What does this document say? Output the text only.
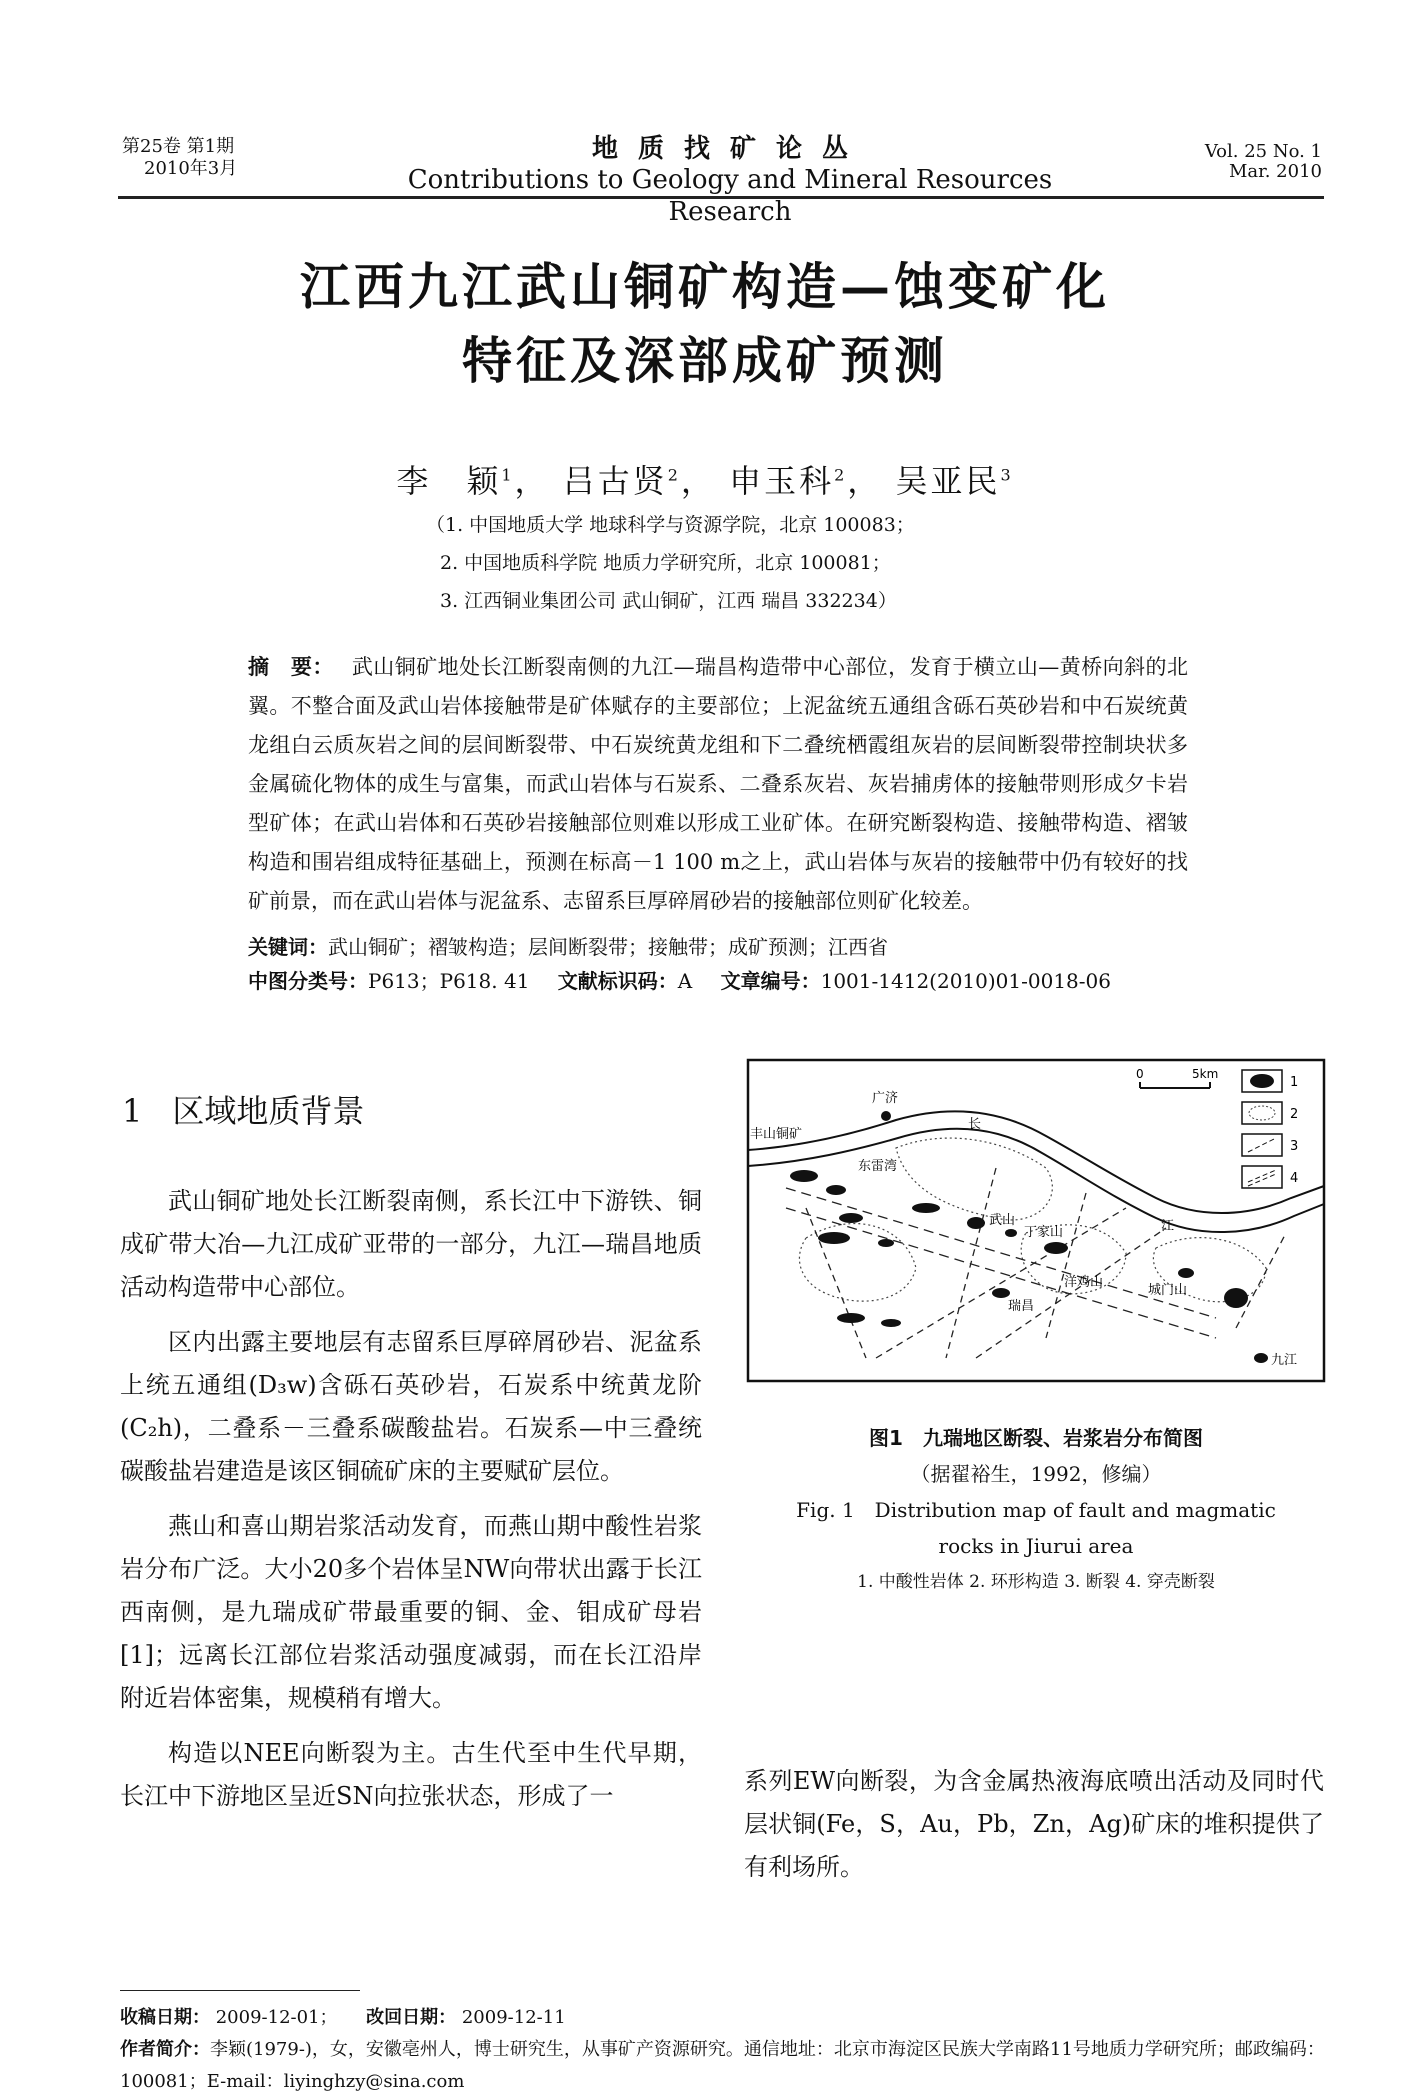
第25卷 第1期
2010年3月
地质找矿论丛
Contributions to Geology and Mineral Resources Research
Vol. 25 No. 1
Mar. 2010
江西九江武山铜矿构造—蚀变矿化
特征及深部成矿预测
李　颖$^1$， 吕古贤$^2$， 申玉科$^2$， 吴亚民$^3$
（1. 中国地质大学 地球科学与资源学院，北京 100083；
2. 中国地质科学院 地质力学研究所，北京 100081；
3. 江西铜业集团公司 武山铜矿，江西 瑞昌 332234）
摘　要： 武山铜矿地处长江断裂南侧的九江—瑞昌构造带中心部位，发育于横立山—黄桥向斜的北翼。不整合面及武山岩体接触带是矿体赋存的主要部位；上泥盆统五通组含砾石英砂岩和中石炭统黄龙组白云质灰岩之间的层间断裂带、中石炭统黄龙组和下二叠统栖霞组灰岩的层间断裂带控制块状多金属硫化物体的成生与富集，而武山岩体与石炭系、二叠系灰岩、灰岩捕虏体的接触带则形成夕卡岩型矿体；在武山岩体和石英砂岩接触部位则难以形成工业矿体。在研究断裂构造、接触带构造、褶皱构造和围岩组成特征基础上，预测在标高－1 100 m之上，武山岩体与灰岩的接触带中仍有较好的找矿前景，而在武山岩体与泥盆系、志留系巨厚碎屑砂岩的接触部位则矿化较差。
关键词：武山铜矿；褶皱构造；层间断裂带；接触带；成矿预测；江西省
中图分类号：P613；P618. 41 文献标识码：A 文章编号：1001-1412(2010)01-0018-06
1 区域地质背景

武山铜矿地处长江断裂南侧，系长江中下游铁、铜成矿带大冶—九江成矿亚带的一部分，九江—瑞昌地质活动构造带中心部位。

区内出露主要地层有志留系巨厚碎屑砂岩、泥盆系上统五通组(D₃w)含砾石英砂岩，石炭系中统黄龙阶(C₂h)，二叠系－三叠系碳酸盐岩。石炭系—中三叠统碳酸盐岩建造是该区铜硫矿床的主要赋矿层位。

燕山和喜山期岩浆活动发育，而燕山期中酸性岩浆岩分布广泛。大小20多个岩体呈NW向带状出露于长江西南侧，是九瑞成矿带最重要的铜、金、钼成矿母岩[1]；远离长江部位岩浆活动强度减弱，而在长江沿岸附近岩体密集，规模稍有增大。

构造以NEE向断裂为主。古生代至中生代早期，长江中下游地区呈近SN向拉张状态，形成了一

广济
长
丰山铜矿
东雷湾
武山
丁家山	江
洋鸡山
城门山
瑞昌
九江
0	5km
1
2
3
4
图1　九瑞地区断裂、岩浆岩分布简图
（据翟裕生，1992，修编）
Fig. 1　Distribution map of fault and magmatic
rocks in Jiurui area
1. 中酸性岩体 2. 环形构造 3. 断裂 4. 穿壳断裂
系列EW向断裂，为含金属热液海底喷出活动及同时代层状铜(Fe，S，Au，Pb，Zn，Ag)矿床的堆积提供了有利场所。
收稿日期： 2009-12-01； 改回日期： 2009-12-11
作者简介：李颖(1979-)，女，安徽亳州人，博士研究生，从事矿产资源研究。通信地址：北京市海淀区民族大学南路11号地质力学研究所；邮政编码：100081；E-mail：liyinghzy@sina.com
